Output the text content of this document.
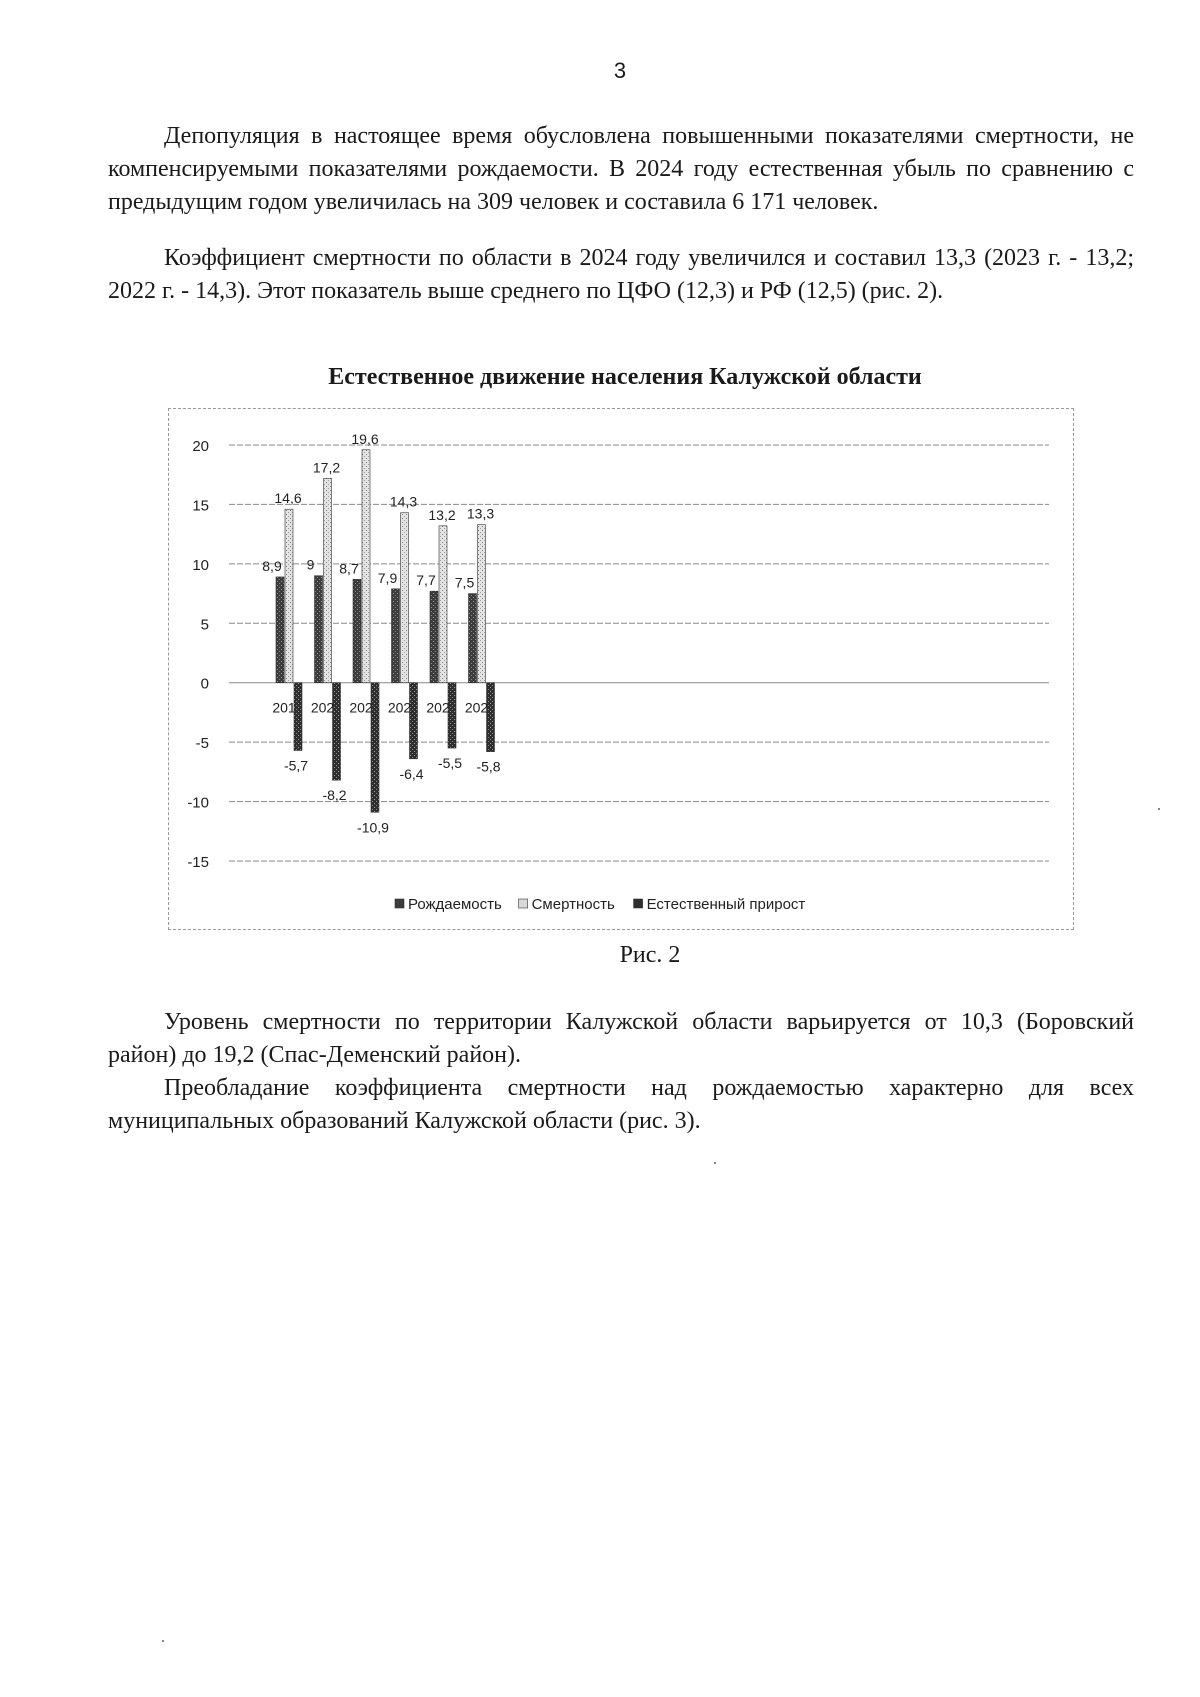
3

Депопуляция в настоящее время обусловлена повышенными показателями смертности, не компенсируемыми показателями рождаемости. В 2024 году естественная убыль по сравнению с предыдущим годом увеличилась на 309 человек и составила 6 171 человек.

Коэффициент смертности по области в 2024 году увеличился и составил 13,3 (2023 г. - 13,2; 2022 г. - 14,3). Этот показатель выше среднего по ЦФО (12,3) и РФ (12,5) (рис. 2).

Естественное движение населения Калужской области
20
15
10
5
0
-5
-10
-15
8,9
14,6
-5,7
9
17,2
-8,2
8,7
19,6
-10,9
7,9
14,3
-6,4
7,7
13,2
-5,5
7,5
13,3
-5,8
201 202 202 202 202 202
Рождаемость Смертность Естественный прирост
Рис. 2

Уровень смертности по территории Калужской области варьируется от 10,3 (Боровский район) до 19,2 (Спас-Деменский район).

Преобладание коэффициента смертности над рождаемостью характерно для всех муниципальных образований Калужской области (рис. 3).
